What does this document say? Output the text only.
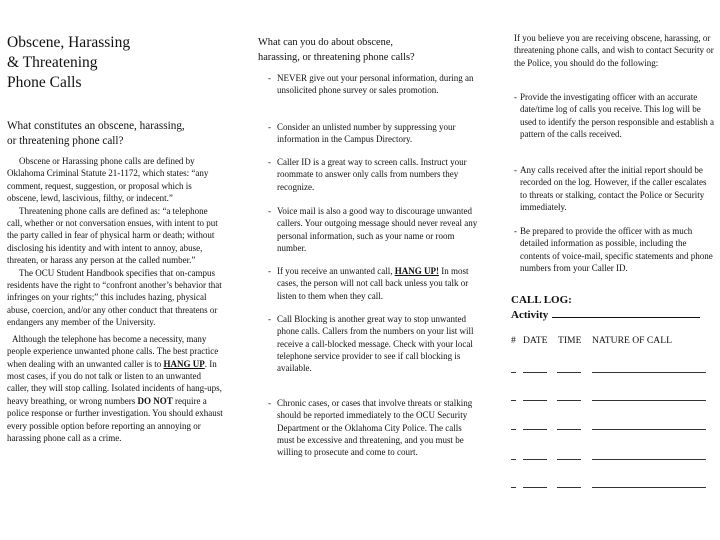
Obscene, Harassing
& Threatening
Phone Calls
What constitutes an obscene, harassing,
or threatening phone call?

Obscene or Harassing phone calls are defined by Oklahoma Criminal Statute 21-1172, which states: “any comment, request, suggestion, or proposal which is obscene, lewd, lascivious, filthy, or indecent.”

Threatening phone calls are defined as: “a telephone call, whether or not conversation ensues, with intent to put the party called in fear of physical harm or death; without disclosing his identity and with intent to annoy, abuse, threaten, or harass any person at the called number.”

The OCU Student Handbook specifies that on-campus residents have the right to “confront another’s behavior that infringes on your rights;” this includes hazing, physical abuse, coercion, and/or any other conduct that threatens or endangers any member of the University.

Although the telephone has become a necessity, many people experience unwanted phone calls. The best practice when dealing with an unwanted caller is to HANG UP. In most cases, if you do not talk or listen to an unwanted caller, they will stop calling. Isolated incidents of hang-ups, heavy breathing, or wrong numbers DO NOT require a police response or further investigation. You should exhaust every possible option before reporting an annoying or harassing phone call as a crime.

What can you do about obscene,
harassing, or threatening phone calls?
- NEVER give out your personal information, during an unsolicited phone survey or sales promotion.
- Consider an unlisted number by suppressing your information in the Campus Directory.
- Caller ID is a great way to screen calls. Instruct your roommate to answer only calls from numbers they recognize.
- Voice mail is also a good way to discourage unwanted callers. Your outgoing message should never reveal any personal information, such as your name or room number.
- If you receive an unwanted call, HANG UP! In most cases, the person will not call back unless you talk or listen to them when they call.
- Call Blocking is another great way to stop unwanted phone calls. Callers from the numbers on your list will receive a call-blocked message. Check with your local telephone service provider to see if call blocking is available.
- Chronic cases, or cases that involve threats or stalking should be reported immediately to the OCU Security Department or the Oklahoma City Police. The calls must be excessive and threatening, and you must be willing to prosecute and come to court.
If you believe you are receiving obscene, harassing, or threatening phone calls, and wish to contact Security or the Police, you should do the following:
- Provide the investigating officer with an accurate date/time log of calls you receive. This log will be used to identify the person responsible and establish a pattern of the calls received.
- Any calls received after the initial report should be recorded on the log. However, if the caller escalates to threats or stalking, contact the Police or Security immediately.
- Be prepared to provide the officer with as much detailed information as possible, including the contents of voice-mail, specific statements and phone numbers from your Caller ID.
CALL LOG:
Activity
# DATE TIME NATURE OF CALL
